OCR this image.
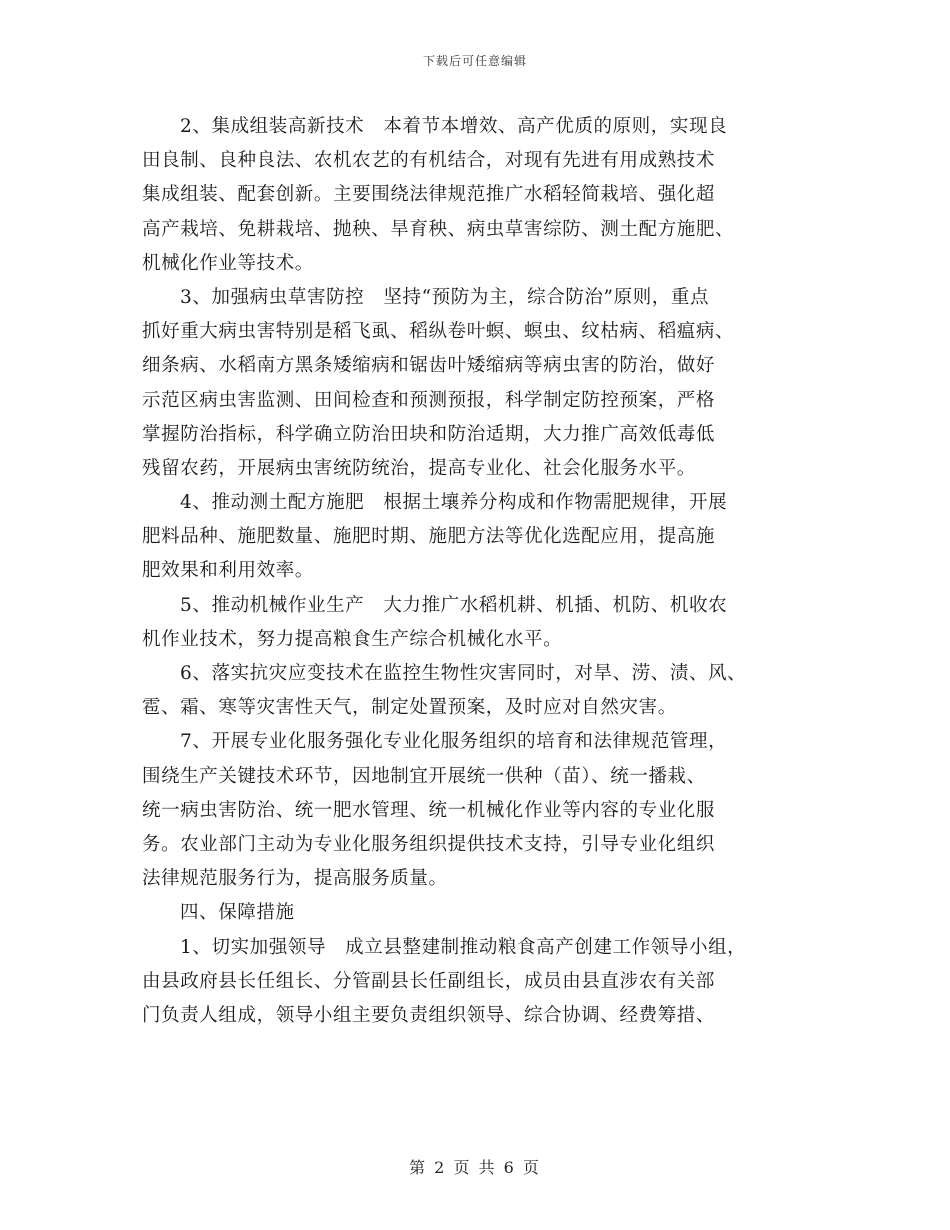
下载后可任意编辑
2、集成组装高新技术　本着节本增效、高产优质的原则，实现良
田良制、良种良法、农机农艺的有机结合，对现有先进有用成熟技术
集成组装、配套创新。主要围绕法律规范推广水稻轻简栽培、强化超
高产栽培、免耕栽培、抛秧、旱育秧、病虫草害综防、测土配方施肥、
机械化作业等技术。
3、加强病虫草害防控　坚持“预防为主，综合防治”原则，重点
抓好重大病虫害特别是稻飞虱、稻纵卷叶螟、螟虫、纹枯病、稻瘟病、
细条病、水稻南方黑条矮缩病和锯齿叶矮缩病等病虫害的防治，做好
示范区病虫害监测、田间检查和预测预报，科学制定防控预案，严格
掌握防治指标，科学确立防治田块和防治适期，大力推广高效低毒低
残留农药，开展病虫害统防统治，提高专业化、社会化服务水平。
4、推动测土配方施肥　根据土壤养分构成和作物需肥规律，开展
肥料品种、施肥数量、施肥时期、施肥方法等优化选配应用，提高施
肥效果和利用效率。
5、推动机械作业生产　大力推广水稻机耕、机插、机防、机收农
机作业技术，努力提高粮食生产综合机械化水平。
6、落实抗灾应变技术在监控生物性灾害同时，对旱、涝、渍、风、
雹、霜、寒等灾害性天气，制定处置预案，及时应对自然灾害。
7、开展专业化服务强化专业化服务组织的培育和法律规范管理，
围绕生产关键技术环节，因地制宜开展统一供种（苗）、统一播栽、
统一病虫害防治、统一肥水管理、统一机械化作业等内容的专业化服
务。农业部门主动为专业化服务组织提供技术支持，引导专业化组织
法律规范服务行为，提高服务质量。
四、保障措施
1、切实加强领导　成立县整建制推动粮食高产创建工作领导小组，
由县政府县长任组长、分管副县长任副组长，成员由县直涉农有关部
门负责人组成，领导小组主要负责组织领导、综合协调、经费筹措、
第 2 页 共 6 页
